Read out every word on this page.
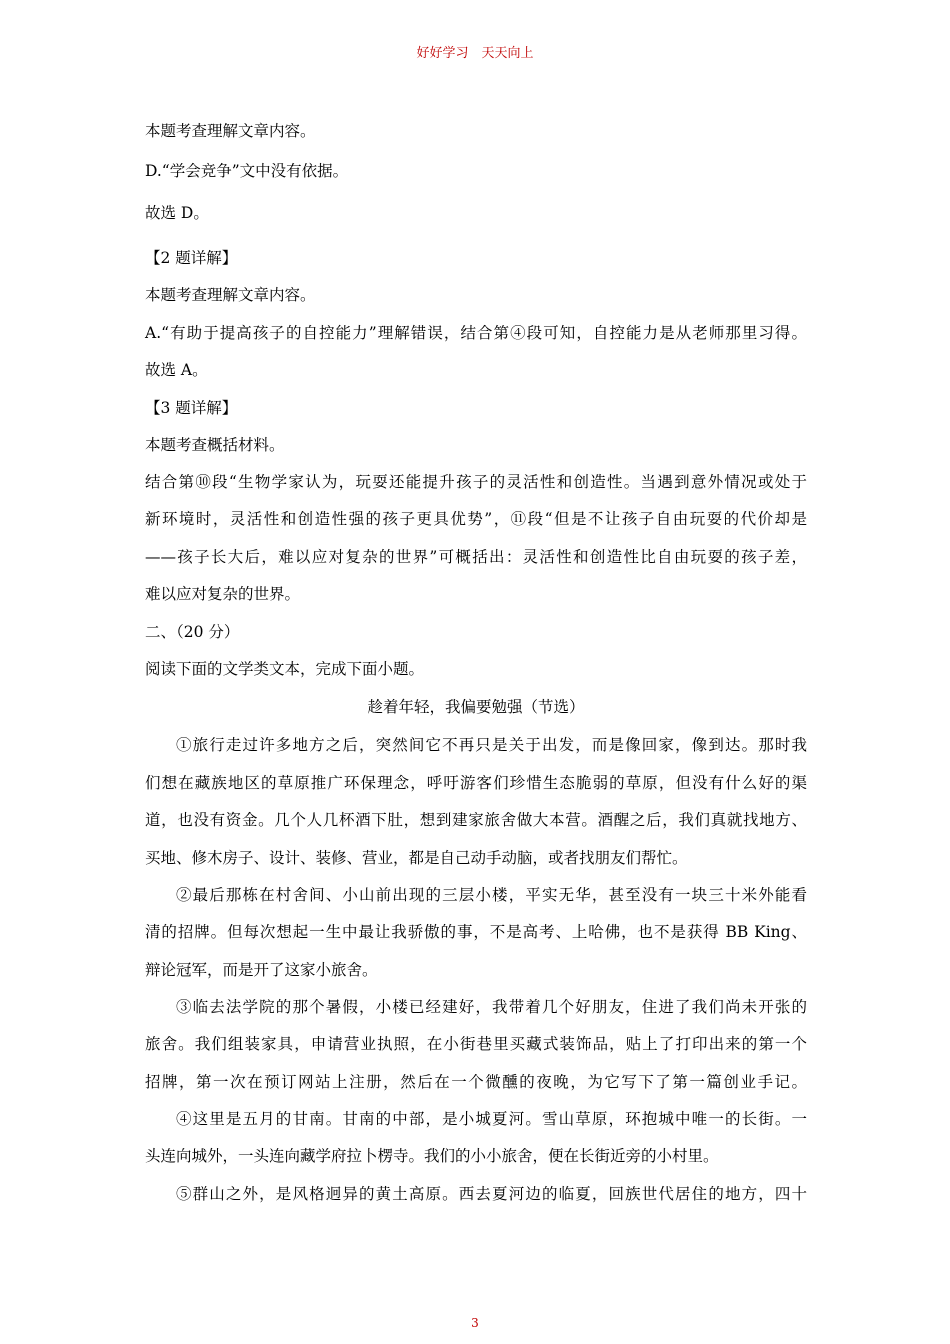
好好学习　天天向上
本题考查理解文章内容。
D.“学会竞争”文中没有依据。
故选 D。
【2 题详解】
本题考查理解文章内容。
A.“有助于提高孩子的自控能力”理解错误，结合第④段可知，自控能力是从老师那里习得。
故选 A。
【3 题详解】
本题考查概括材料。
结合第⑩段“生物学家认为，玩耍还能提升孩子的灵活性和创造性。当遇到意外情况或处于
新环境时，灵活性和创造性强的孩子更具优势”，⑪段“但是不让孩子自由玩耍的代价却是
——孩子长大后，难以应对复杂的世界”可概括出：灵活性和创造性比自由玩耍的孩子差，
难以应对复杂的世界。
二、（20 分）
阅读下面的文学类文本，完成下面小题。
趁着年轻，我偏要勉强（节选）
①旅行走过许多地方之后，突然间它不再只是关于出发，而是像回家，像到达。那时我
们想在藏族地区的草原推广环保理念，呼吁游客们珍惜生态脆弱的草原，但没有什么好的渠
道，也没有资金。几个人几杯酒下肚，想到建家旅舍做大本营。酒醒之后，我们真就找地方、
买地、修木房子、设计、装修、营业，都是自己动手动脑，或者找朋友们帮忙。
②最后那栋在村舍间、小山前出现的三层小楼，平实无华，甚至没有一块三十米外能看
清的招牌。但每次想起一生中最让我骄傲的事，不是高考、上哈佛，也不是获得 BB King、
辩论冠军，而是开了这家小旅舍。
③临去法学院的那个暑假，小楼已经建好，我带着几个好朋友，住进了我们尚未开张的
旅舍。我们组装家具，申请营业执照，在小街巷里买藏式装饰品，贴上了打印出来的第一个
招牌，第一次在预订网站上注册，然后在一个微醺的夜晚，为它写下了第一篇创业手记。
④这里是五月的甘南。甘南的中部，是小城夏河。雪山草原，环抱城中唯一的长街。一
头连向城外，一头连向藏学府拉卜楞寺。我们的小小旅舍，便在长街近旁的小村里。
⑤群山之外，是风格迥异的黄土高原。西去夏河边的临夏，回族世代居住的地方，四十
3
